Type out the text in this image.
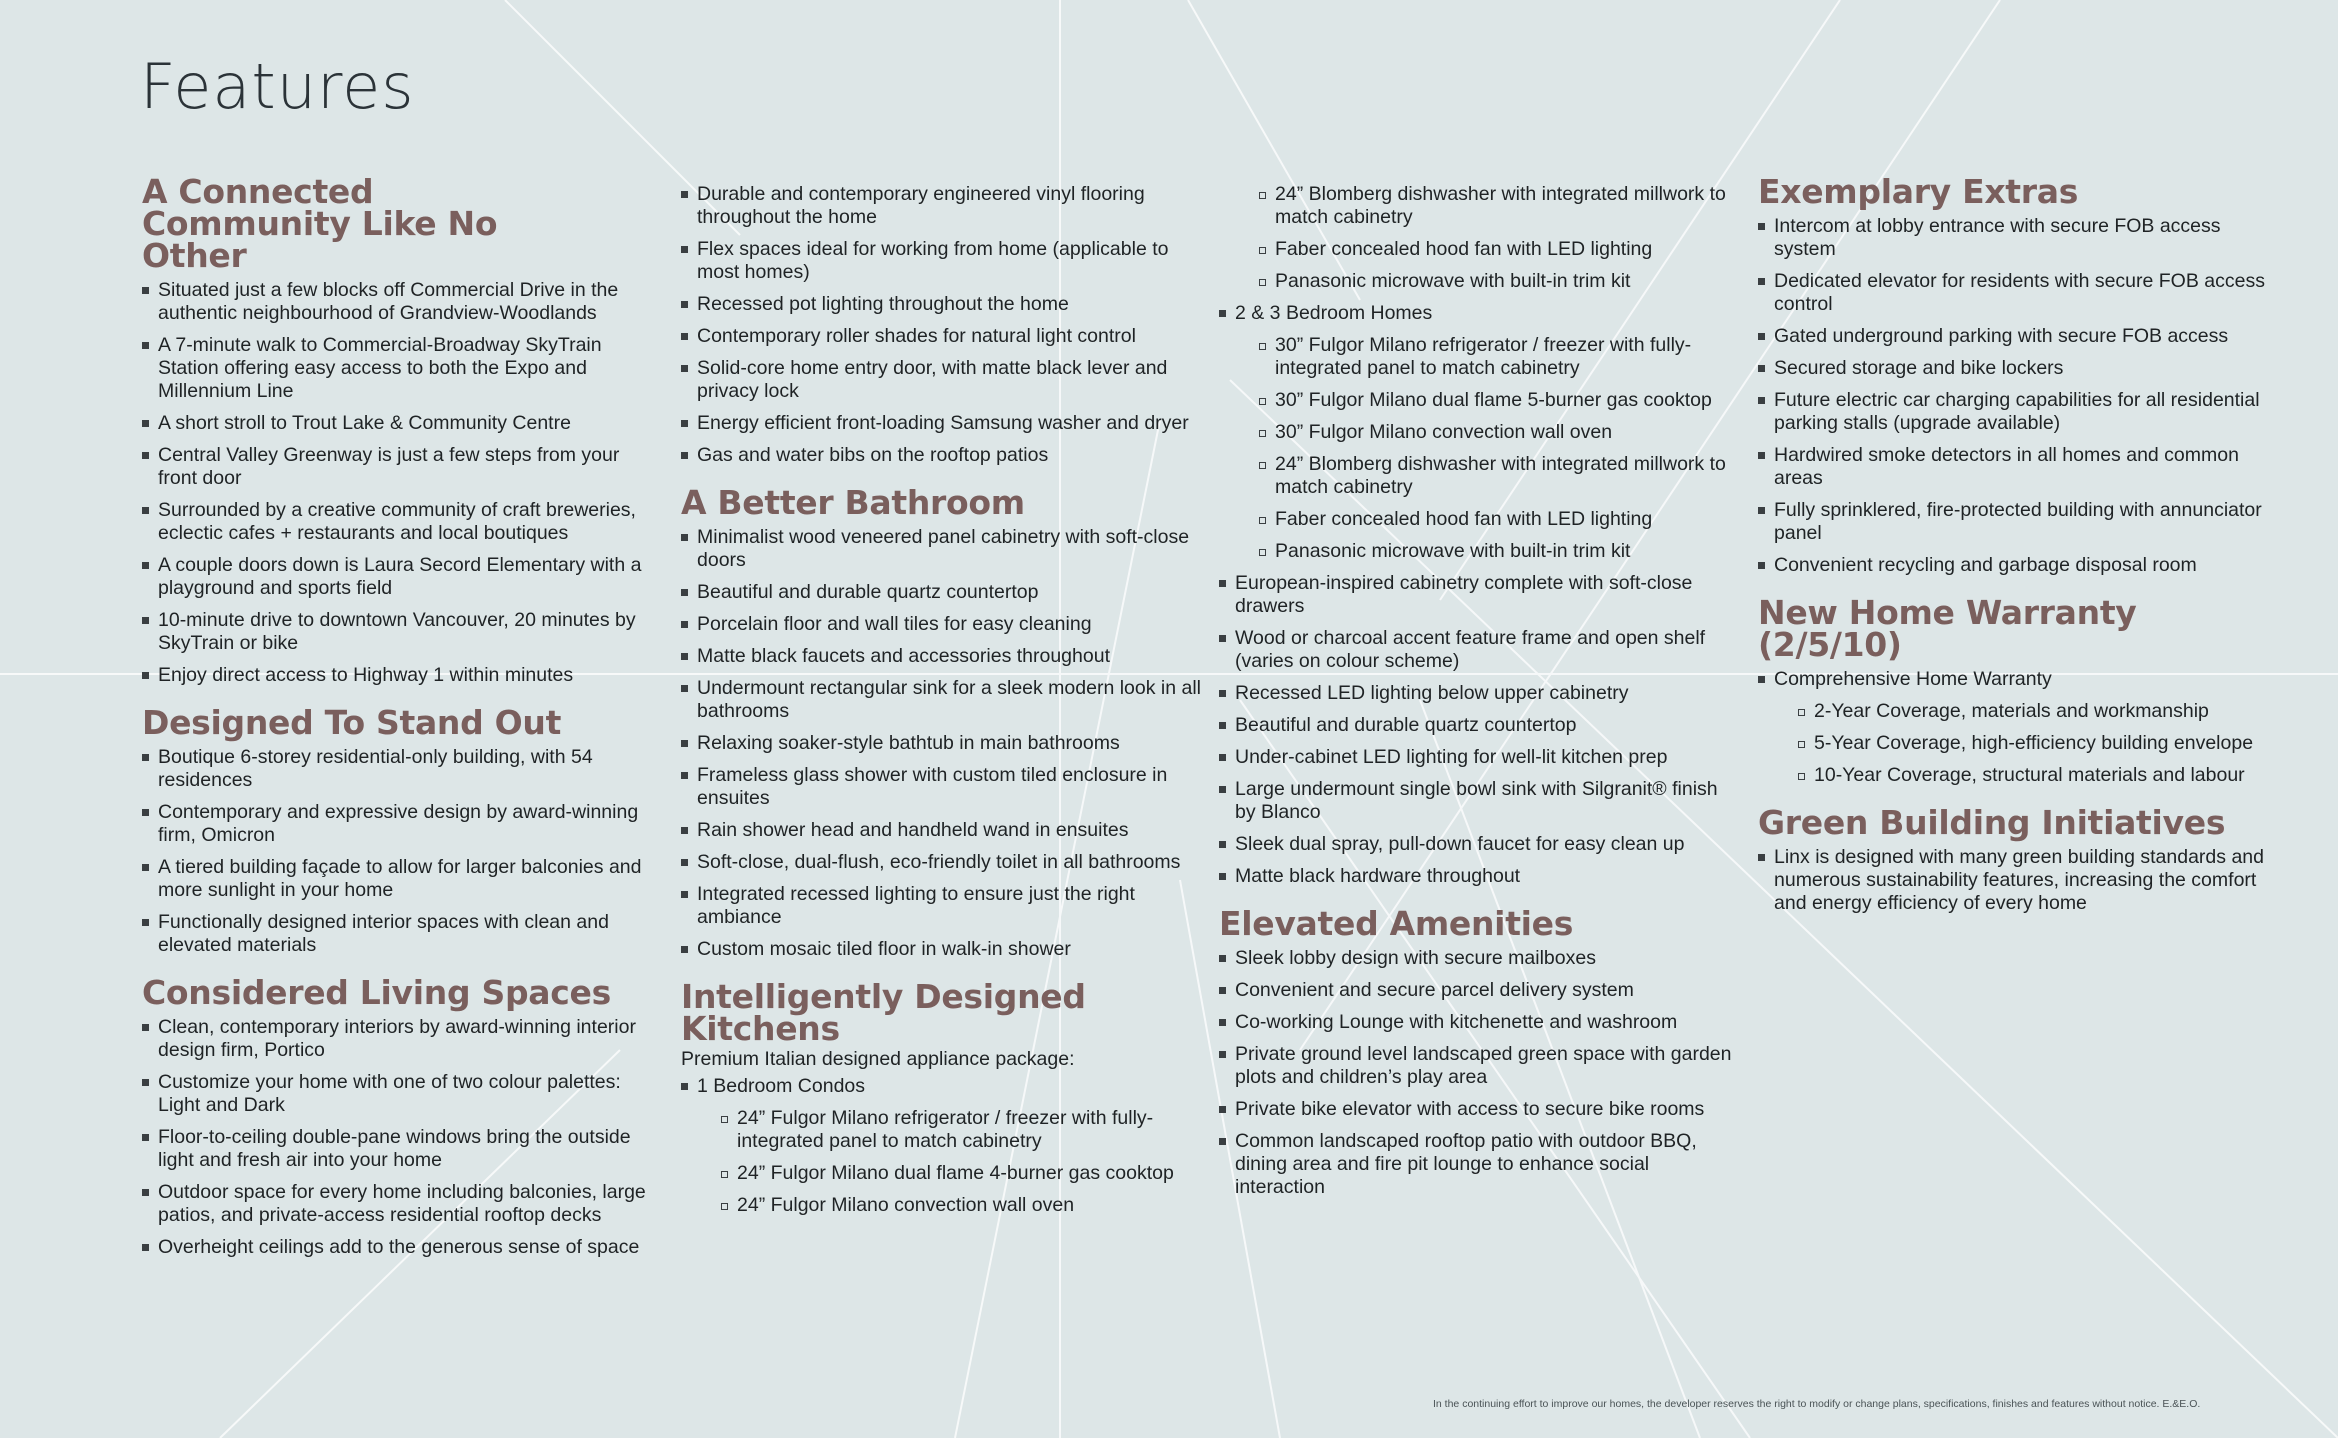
Features
A Connected Community Like No Other
Situated just a few blocks off Commercial Drive in the authentic neighbourhood of Grandview-Woodlands
A 7-minute walk to Commercial-Broadway SkyTrain Station offering easy access to both the Expo and Millennium Line
A short stroll to Trout Lake & Community Centre
Central Valley Greenway is just a few steps from your front door
Surrounded by a creative community of craft breweries, eclectic cafes + restaurants and local boutiques
A couple doors down is Laura Secord Elementary with a playground and sports field
10-minute drive to downtown Vancouver, 20 minutes by SkyTrain or bike
Enjoy direct access to Highway 1 within minutes
Designed To Stand Out
Boutique 6-storey residential-only building, with 54 residences
Contemporary and expressive design by award-winning firm, Omicron
A tiered building façade to allow for larger balconies and more sunlight in your home
Functionally designed interior spaces with clean and elevated materials
Considered Living Spaces
Clean, contemporary interiors by award-winning interior design firm, Portico
Customize your home with one of two colour palettes: Light and Dark
Floor-to-ceiling double-pane windows bring the outside light and fresh air into your home
Outdoor space for every home including balconies, large patios, and private-access residential rooftop decks
Overheight ceilings add to the generous sense of space
Durable and contemporary engineered vinyl flooring throughout the home
Flex spaces ideal for working from home (applicable to most homes)
Recessed pot lighting throughout the home
Contemporary roller shades for natural light control
Solid-core home entry door, with matte black lever and privacy lock
Energy efficient front-loading Samsung washer and dryer
Gas and water bibs on the rooftop patios
A Better Bathroom
Minimalist wood veneered panel cabinetry with soft-close doors
Beautiful and durable quartz countertop
Porcelain floor and wall tiles for easy cleaning
Matte black faucets and accessories throughout
Undermount rectangular sink for a sleek modern look in all bathrooms
Relaxing soaker-style bathtub in main bathrooms
Frameless glass shower with custom tiled enclosure in ensuites
Rain shower head and handheld wand in ensuites
Soft-close, dual-flush, eco-friendly toilet in all bathrooms
Integrated recessed lighting to ensure just the right ambiance
Custom mosaic tiled floor in walk-in shower
Intelligently Designed Kitchens

Premium Italian designed appliance package:

1 Bedroom Condos
24” Fulgor Milano refrigerator / freezer with fully-integrated panel to match cabinetry
24” Fulgor Milano dual flame 4-burner gas cooktop
24” Fulgor Milano convection wall oven
24” Blomberg dishwasher with integrated millwork to match cabinetry
Faber concealed hood fan with LED lighting
Panasonic microwave with built-in trim kit
2 & 3 Bedroom Homes
30” Fulgor Milano refrigerator / freezer with fully-integrated panel to match cabinetry
30” Fulgor Milano dual flame 5-burner gas cooktop
30” Fulgor Milano convection wall oven
24” Blomberg dishwasher with integrated millwork to match cabinetry
Faber concealed hood fan with LED lighting
Panasonic microwave with built-in trim kit
European-inspired cabinetry complete with soft-close drawers
Wood or charcoal accent feature frame and open shelf (varies on colour scheme)
Recessed LED lighting below upper cabinetry
Beautiful and durable quartz countertop
Under-cabinet LED lighting for well-lit kitchen prep
Large undermount single bowl sink with Silgranit® finish by Blanco
Sleek dual spray, pull-down faucet for easy clean up
Matte black hardware throughout
Elevated Amenities
Sleek lobby design with secure mailboxes
Convenient and secure parcel delivery system
Co-working Lounge with kitchenette and washroom
Private ground level landscaped green space with garden plots and children’s play area
Private bike elevator with access to secure bike rooms
Common landscaped rooftop patio with outdoor BBQ, dining area and fire pit lounge to enhance social interaction
Exemplary Extras
Intercom at lobby entrance with secure FOB access system
Dedicated elevator for residents with secure FOB access control
Gated underground parking with secure FOB access
Secured storage and bike lockers
Future electric car charging capabilities for all residential parking stalls (upgrade available)
Hardwired smoke detectors in all homes and common areas
Fully sprinklered, fire-protected building with annunciator panel
Convenient recycling and garbage disposal room
New Home Warranty (2/5/10)
Comprehensive Home Warranty
2-Year Coverage, materials and workmanship
5-Year Coverage, high-efficiency building envelope
10-Year Coverage, structural materials and labour
Green Building Initiatives
Linx is designed with many green building standards and numerous sustainability features, increasing the comfort and energy efficiency of every home
In the continuing effort to improve our homes, the developer reserves the right to modify or change plans, specifications, finishes and features without notice. E.&E.O.
